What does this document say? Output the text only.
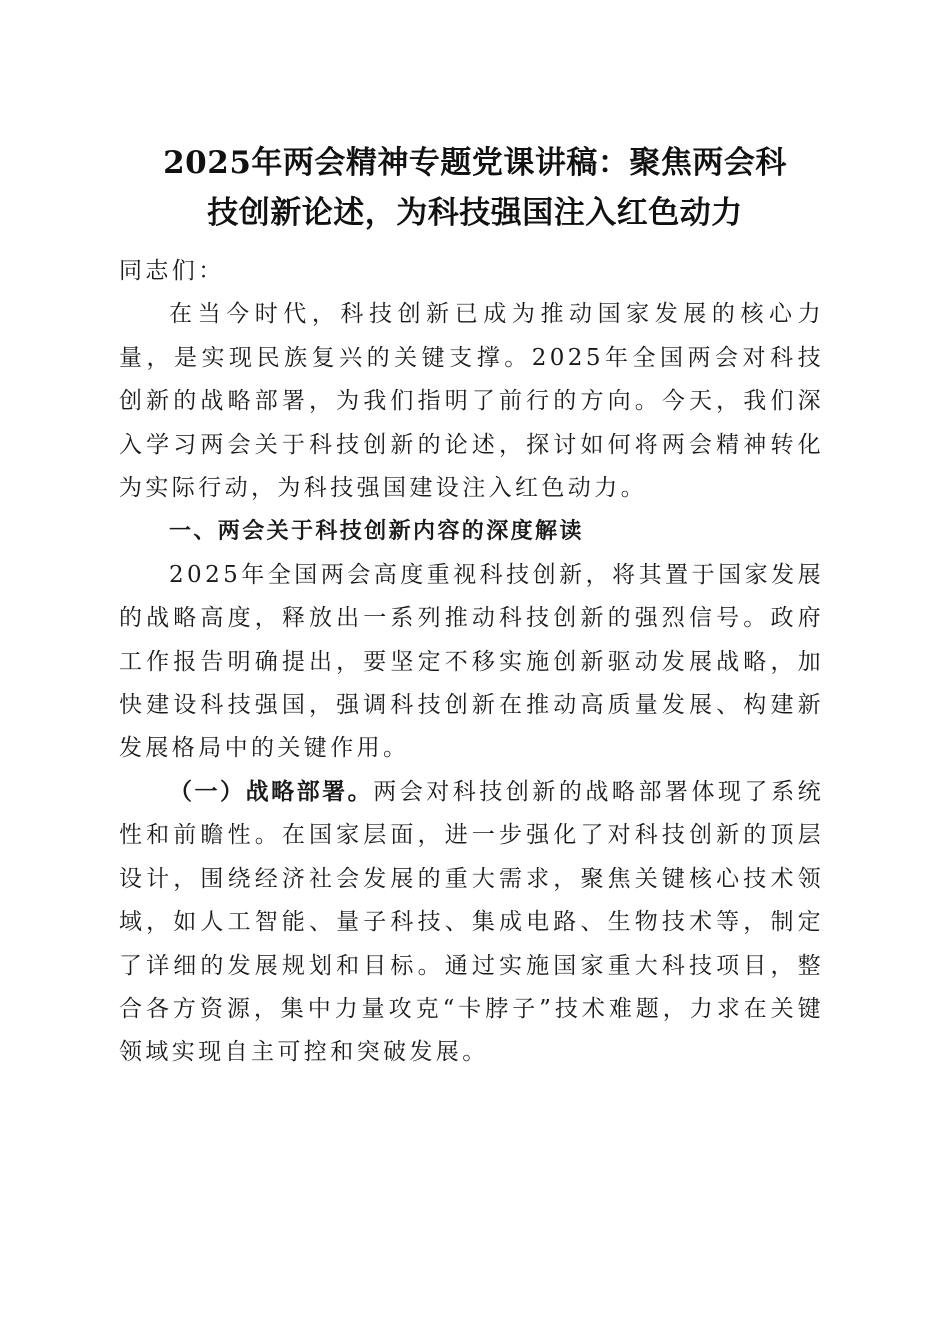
2025年两会精神专题党课讲稿：聚焦两会科
技创新论述，为科技强国注入红色动力

同志们：

在当今时代，科技创新已成为推动国家发展的核心力量，是实现民族复兴的关键支撑。2025年全国两会对科技创新的战略部署，为我们指明了前行的方向。今天，我们深入学习两会关于科技创新的论述，探讨如何将两会精神转化为实际行动，为科技强国建设注入红色动力。

一、两会关于科技创新内容的深度解读

2025年全国两会高度重视科技创新，将其置于国家发展的战略高度，释放出一系列推动科技创新的强烈信号。政府工作报告明确提出，要坚定不移实施创新驱动发展战略，加快建设科技强国，强调科技创新在推动高质量发展、构建新发展格局中的关键作用。

（一）战略部署。两会对科技创新的战略部署体现了系统性和前瞻性。在国家层面，进一步强化了对科技创新的顶层设计，围绕经济社会发展的重大需求，聚焦关键核心技术领域，如人工智能、量子科技、集成电路、生物技术等，制定了详细的发展规划和目标。通过实施国家重大科技项目，整合各方资源，集中力量攻克“卡脖子”技术难题，力求在关键领域实现自主可控和突破发展。
